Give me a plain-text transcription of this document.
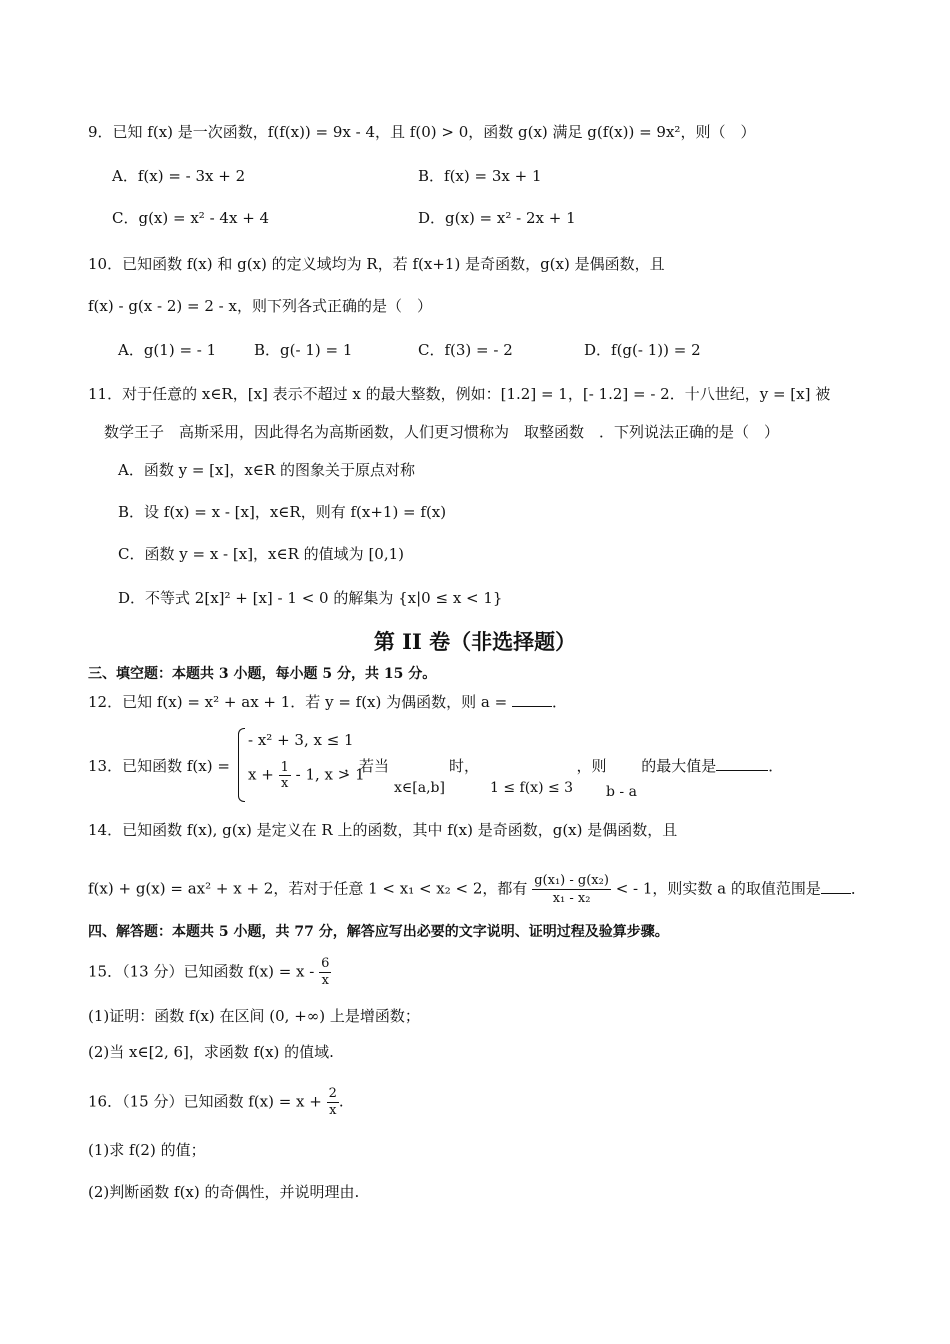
9．已知 f(x) 是一次函数，f(f(x)) = 9x - 4，且 f(0) > 0，函数 g(x) 满足 g(f(x)) = 9x²，则（　）
A．f(x) = - 3x + 2	B．f(x) = 3x + 1
C．g(x) = x² - 4x + 4	D．g(x) = x² - 2x + 1
10．已知函数 f(x) 和 g(x) 的定义域均为 R，若 f(x+1) 是奇函数，g(x) 是偶函数，且
f(x) - g(x - 2) = 2 - x，则下列各式正确的是（　）
A．g(1) = - 1	B．g(- 1) = 1	C．f(3) = - 2	D．f(g(- 1)) = 2
11．对于任意的 x∈R，[x] 表示不超过 x 的最大整数，例如：[1.2] = 1，[- 1.2] = - 2．十八世纪，y = [x] 被
数学王子　高斯采用，因此得名为高斯函数，人们更习惯称为　取整函数　．下列说法正确的是（　）
A．函数 y = [x]，x∈R 的图象关于原点对称
B．设 f(x) = x - [x]，x∈R，则有 f(x+1) = f(x)
C．函数 y = x - [x]，x∈R 的值域为 [0,1)
D．不等式 2[x]² + [x] - 1 < 0 的解集为 {x|0 ≤ x < 1}
第 II 卷（非选择题）
三、填空题：本题共 3 小题，每小题 5 分，共 15 分。
12．已知 f(x) = x² + ax + 1．若 y = f(x) 为偶函数，则 a =	．
13．已知函数 f(x) =
- x² + 3, x ≤ 1
$x + \frac{1}{x} - 1$, x > 1
，若当　　　　时，　　　　　　　，则　　 的最大值是	．
x∈[a,b]	1 ≤ f(x) ≤ 3 b - a
14．已知函数 f(x), g(x) 是定义在 R 上的函数，其中 f(x) 是奇函数，g(x) 是偶函数，且
f(x) + g(x) = ax² + x + 2，若对于任意 1 < x₁ < x₂ < 2，都有 $\frac{\text{g(x₁) - g(x₂)}}{\text{x₁ - x₂}}$ < - 1，则实数 a 的取值范围是 ．
四、解答题：本题共 5 小题，共 77 分，解答应写出必要的文字说明、证明过程及验算步骤。
15．（13 分）已知函数 $f(x) = x - \frac{6}{x}$
(1)证明：函数 f(x) 在区间 (0, +∞) 上是增函数；
(2)当 x∈[2, 6]，求函数 f(x) 的值域.
16．（15 分）已知函数 $f(x) = x + \frac{2}{x}$ .
(1)求 f(2) 的值；
(2)判断函数 f(x) 的奇偶性，并说明理由.
